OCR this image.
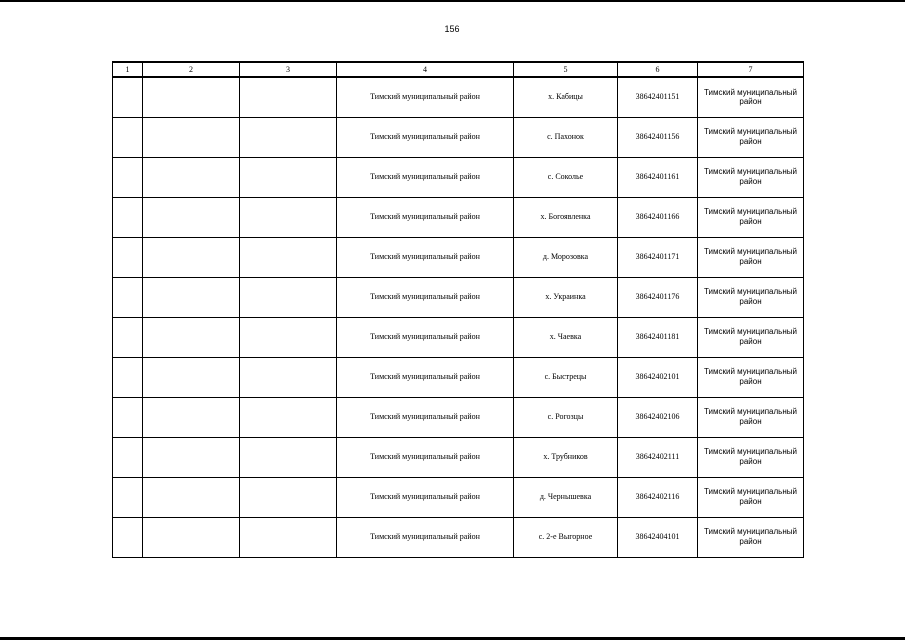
156
1	2	3	4	5	6	7
			Тимский муниципальный район	х. Кабицы	38642401151	Тимский муниципальный район
			Тимский муниципальный район	с. Пахонок	38642401156	Тимский муниципальный район
			Тимский муниципальный район	с. Соколье	38642401161	Тимский муниципальный район
			Тимский муниципальный район	х. Богоявленка	38642401166	Тимский муниципальный район
			Тимский муниципальный район	д. Морозовка	38642401171	Тимский муниципальный район
			Тимский муниципальный район	х. Украинка	38642401176	Тимский муниципальный район
			Тимский муниципальный район	х. Чаевка	38642401181	Тимский муниципальный район
			Тимский муниципальный район	с. Быстрецы	38642402101	Тимский муниципальный район
			Тимский муниципальный район	с. Рогозцы	38642402106	Тимский муниципальный район
			Тимский муниципальный район	х. Трубников	38642402111	Тимский муниципальный район
			Тимский муниципальный район	д. Чернышевка	38642402116	Тимский муниципальный район
			Тимский муниципальный район	с. 2-е Выгорное	38642404101	Тимский муниципальный район
